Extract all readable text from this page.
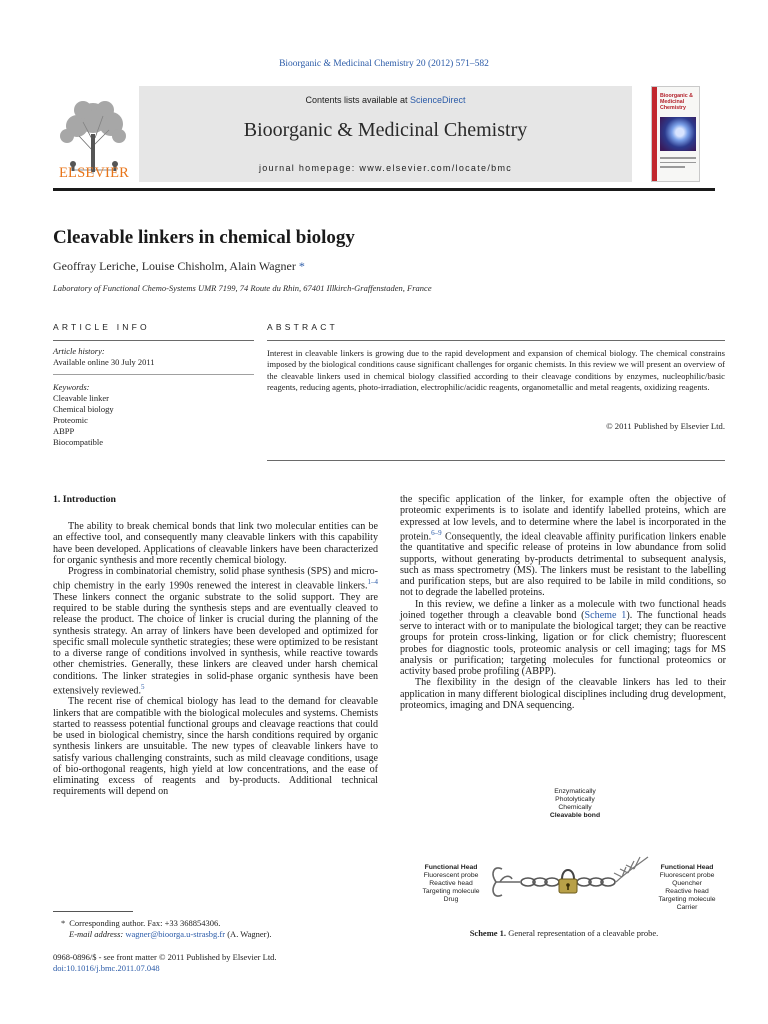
Bioorganic & Medicinal Chemistry 20 (2012) 571–582
ELSEVIER
Contents lists available at ScienceDirect
Bioorganic & Medicinal Chemistry
journal homepage: www.elsevier.com/locate/bmc
Bioorganic & Medicinal Chemistry
Cleavable linkers in chemical biology
Geoffray Leriche, Louise Chisholm, Alain Wagner *
Laboratory of Functional Chemo-Systems UMR 7199, 74 Route du Rhin, 67401 Illkirch-Graffenstaden, France
ARTICLE INFO	ABSTRACT
Article history:
Available online 30 July 2011
Keywords:
Cleavable linker
Chemical biology
Proteomic
ABPP
Biocompatible
Interest in cleavable linkers is growing due to the rapid development and expansion of chemical biology. The chemical constrains imposed by the biological conditions cause significant challenges for organic chemists. In this review we will present an overview of the cleavable linkers used in chemical biology classified according to their cleavage conditions by enzymes, nucleophilic/basic reagents, reducing agents, photo-irradiation, electrophilic/acidic reagents, organometallic and metal reagents, oxidizing reagents.
© 2011 Published by Elsevier Ltd.
1. Introduction

The ability to break chemical bonds that link two molecular entities can be an effective tool, and consequently many cleavable linkers with this capability have been developed. Applications of cleavable linkers have been characterized for organic synthesis and more recently chemical biology.

Progress in combinatorial chemistry, solid phase synthesis (SPS) and micro-chip chemistry in the early 1990s renewed the interest in cleavable linkers.$^{1-4}$ These linkers connect the organic substrate to the solid support. They are required to be stable during the synthesis steps and are eventually cleaved to release the product. The choice of linker is crucial during the planning of the synthesis strategy. An array of linkers have been developed and optimized for specific small molecule synthetic strategies; these were optimized to be resistant to a diverse range of conditions involved in synthesis, while reactive towards other chemistries. Generally, these linkers are cleaved under harsh chemical conditions. The linker strategies in solid-phase organic synthesis have been extensively reviewed.$^5$

The recent rise of chemical biology has lead to the demand for cleavable linkers that are compatible with the biological molecules and systems. Chemists started to reassess potential functional groups and cleavage reactions that could be used in biological chemistry, since the harsh conditions required by organic synthesis linkers are unsuitable. The new types of cleavable linkers have to satisfy various challenging constraints, such as mild cleavage conditions, usage of bio-orthogonal reagents, high yield at low concentrations, and the ease of eliminating excess of reagents and by-products. Additional technical requirements will depend on

the specific application of the linker, for example often the objective of proteomic experiments is to isolate and identify labelled proteins, which are expressed at low levels, and to determine where the label is incorporated in the protein.$^{6-9}$ Consequently, the ideal cleavable affinity purification linkers enable the quantitative and specific release of proteins in low abundance from solid supports, without generating by-products detrimental to subsequent analysis, such as mass spectrometry (MS). The linkers must be resistant to the labelling and purification steps, but are also required to be labile in mild conditions, so not to degrade the labelled proteins.

In this review, we define a linker as a molecule with two functional heads joined together through a cleavable bond (Scheme 1). The functional heads serve to interact with or to manipulate the biological target; they can be reactive groups for protein cross-linking, ligation or for click chemistry; fluorescent probes for diagnostic tools, proteomic analysis or cell imaging; tags for MS analysis or purification; targeting molecules for functional proteomics or activity based probe profiling (ABPP).

The flexibility in the design of the cleavable linkers has led to their application in many different biological disciplines including drug development, proteomics, imaging and DNA sequencing.

Enzymatically
Photolytically
Chemically
Cleavable bond
Functional Head
Fluorescent probe
Reactive head
Targeting molecule
Drug
Functional Head
Fluorescent probe
Quencher
Reactive head
Targeting molecule
Carrier
Scheme 1. General representation of a cleavable probe.
* Corresponding author. Fax: +33 368854306.
E-mail address: wagner@bioorga.u-strasbg.fr (A. Wagner).
0968-0896/$ - see front matter © 2011 Published by Elsevier Ltd.
doi:10.1016/j.bmc.2011.07.048
